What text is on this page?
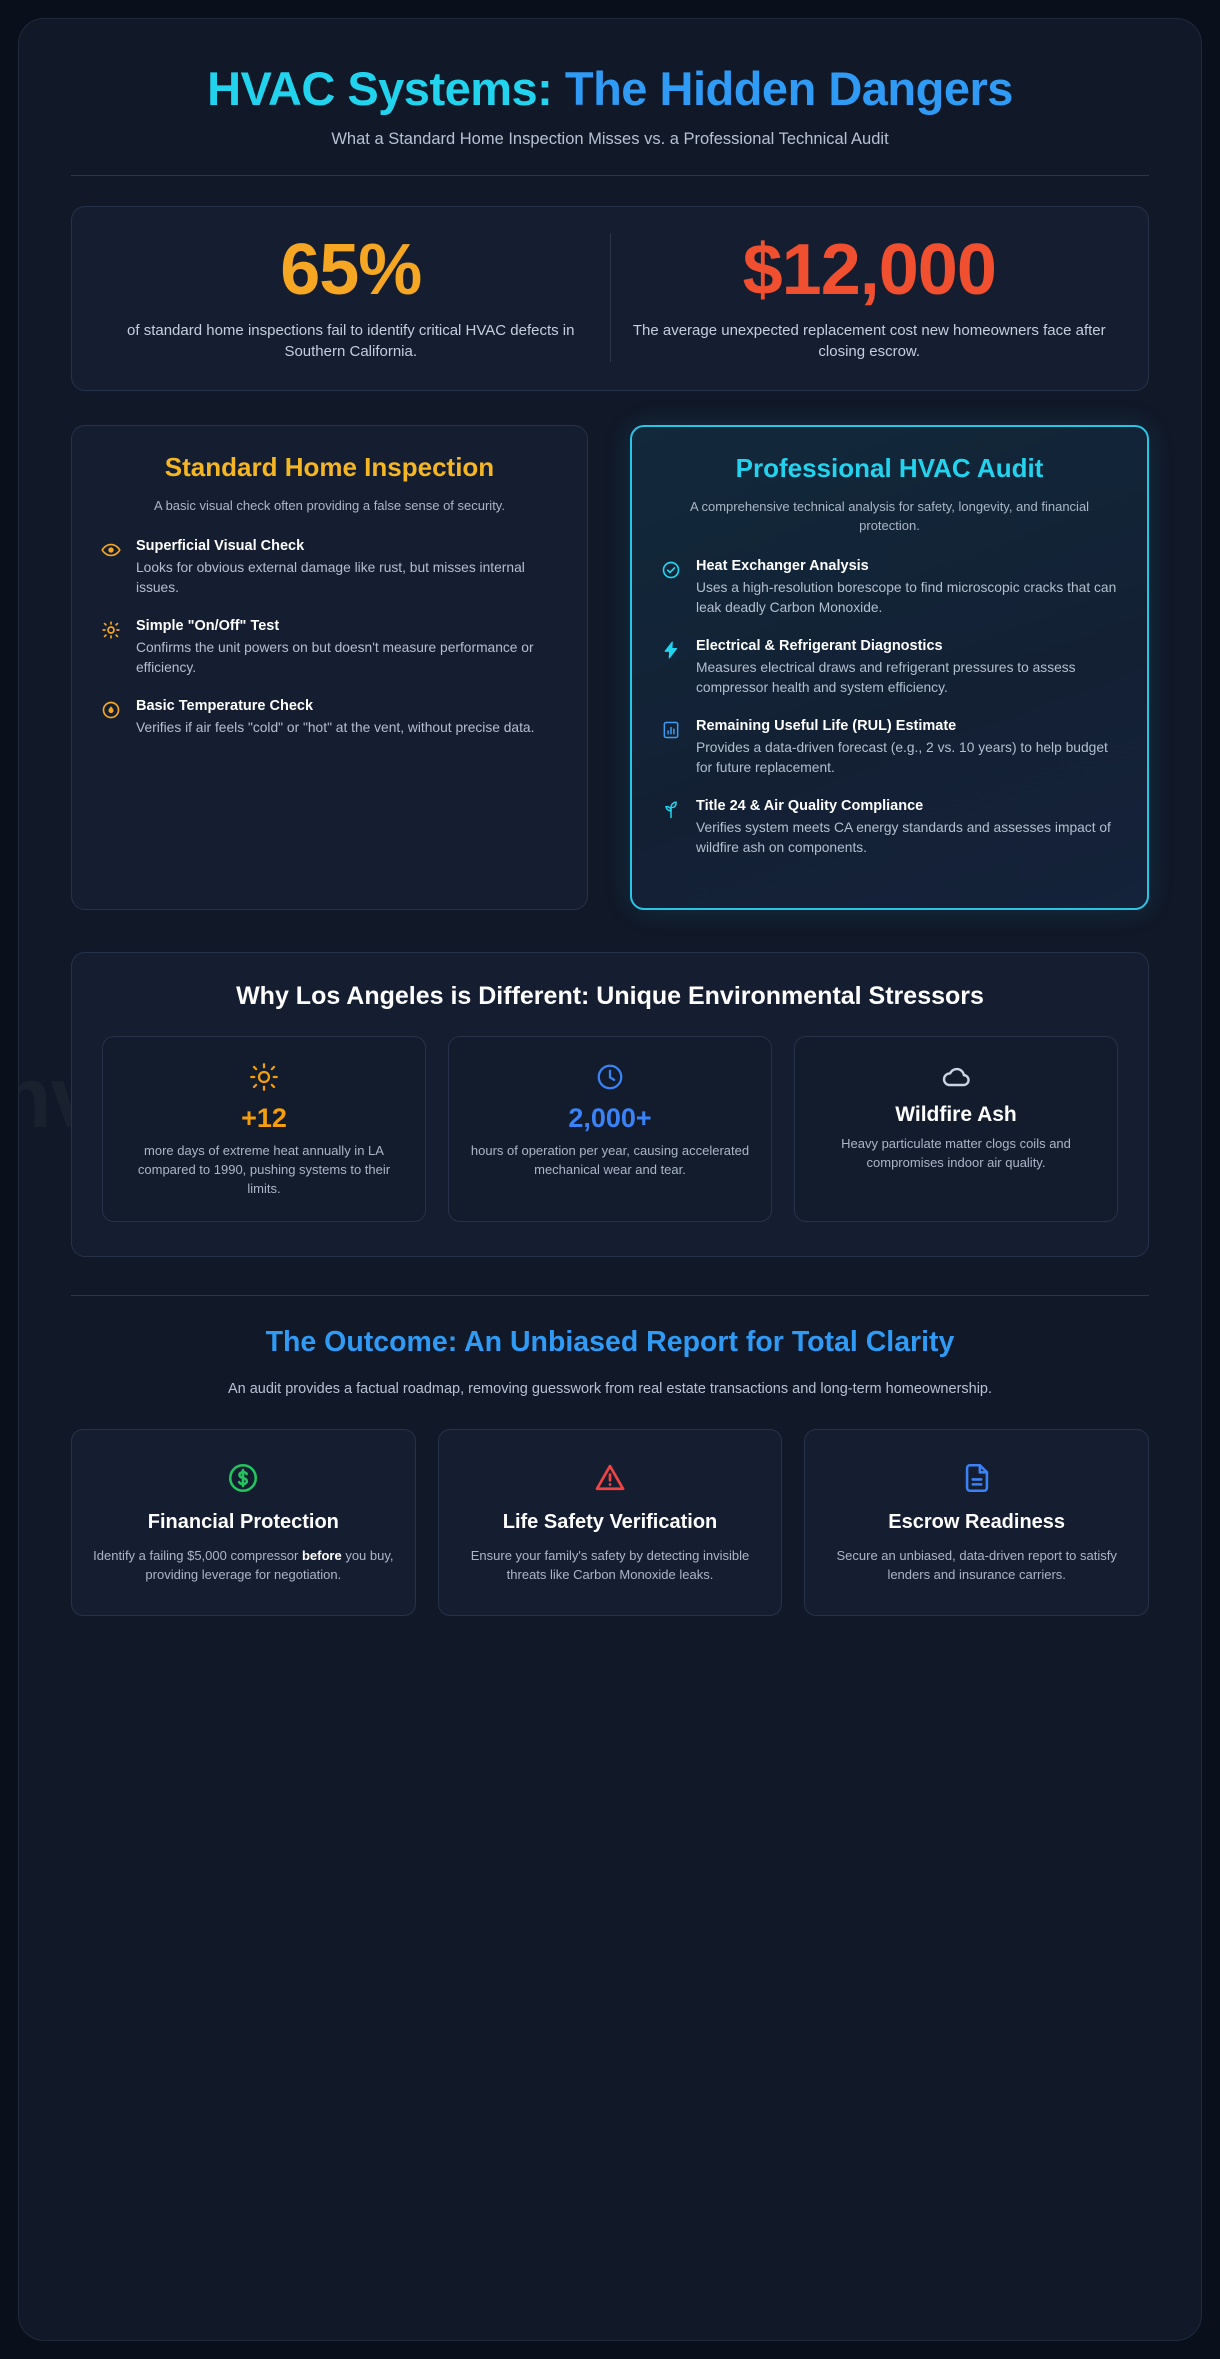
HVAC Systems: The Hidden Dangers
What a Standard Home Inspection Misses vs. a Professional Technical Audit
65%
of standard home inspections fail to identify critical HVAC defects in Southern California.
$12,000
The average unexpected replacement cost new homeowners face after closing escrow.
Standard Home Inspection
A basic visual check often providing a false sense of security.
Superficial Visual Check

Looks for obvious external damage like rust, but misses internal issues.

Simple "On/Off" Test

Confirms the unit powers on but doesn't measure performance or efficiency.

Basic Temperature Check

Verifies if air feels "cold" or "hot" at the vent, without precise data.

Professional HVAC Audit
A comprehensive technical analysis for safety, longevity, and financial protection.
Heat Exchanger Analysis

Uses a high-resolution borescope to find microscopic cracks that can leak deadly Carbon Monoxide.

Electrical & Refrigerant Diagnostics

Measures electrical draws and refrigerant pressures to assess compressor health and system efficiency.

Remaining Useful Life (RUL) Estimate

Provides a data-driven forecast (e.g., 2 vs. 10 years) to help budget for future replacement.

Title 24 & Air Quality Compliance

Verifies system meets CA energy standards and assesses impact of wildfire ash on components.

Why Los Angeles is Different: Unique Environmental Stressors
+12

more days of extreme heat annually in LA compared to 1990, pushing systems to their limits.

2,000+

hours of operation per year, causing accelerated mechanical wear and tear.

Wildfire Ash

Heavy particulate matter clogs coils and compromises indoor air quality.

The Outcome: An Unbiased Report for Total Clarity
An audit provides a factual roadmap, removing guesswork from real estate transactions and long-term homeownership.
Financial Protection

Identify a failing $5,000 compressor before you buy, providing leverage for negotiation.

Life Safety Verification

Ensure your family's safety by detecting invisible threats like Carbon Monoxide leaks.

Escrow Readiness

Secure an unbiased, data-driven report to satisfy lenders and insurance carriers.
